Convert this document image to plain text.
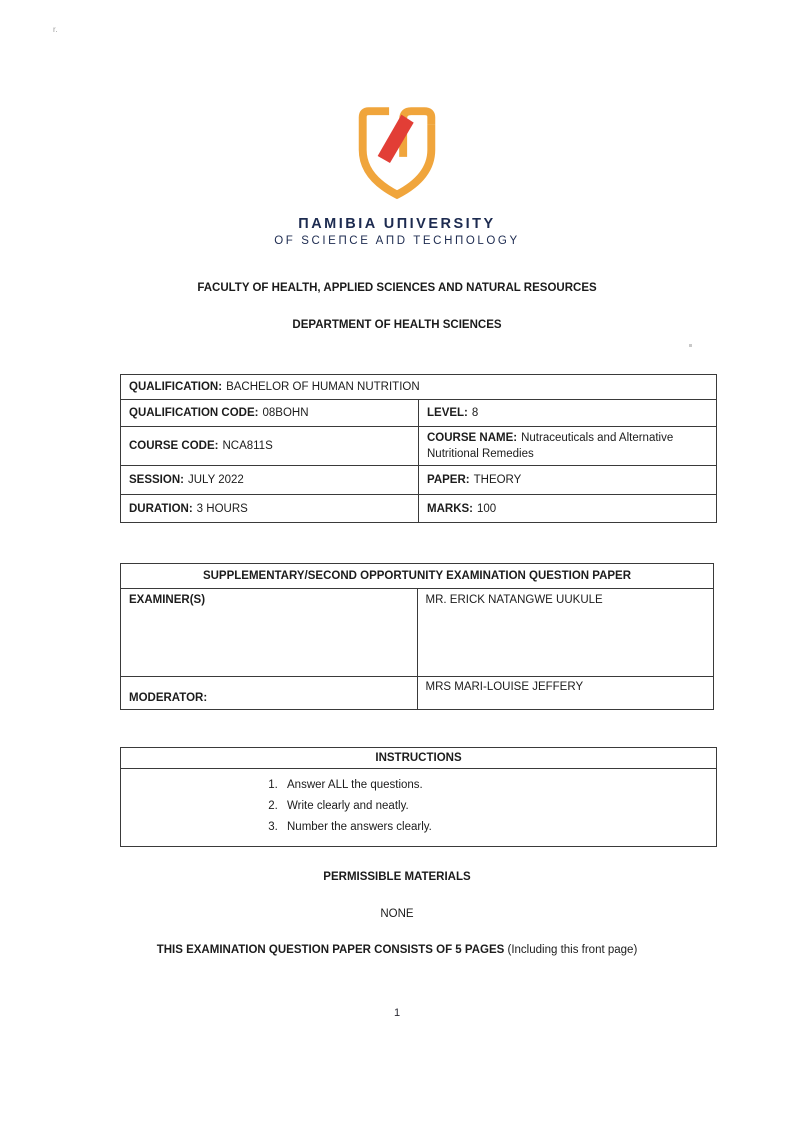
r.
ПAMIBIA UПIVERSITY
OF SCIEПCE AПD TECHПOLOGY
FACULTY OF HEALTH, APPLIED SCIENCES AND NATURAL RESOURCES
DEPARTMENT OF HEALTH SCIENCES
QUALIFICATION: BACHELOR OF HUMAN NUTRITION	
QUALIFICATION CODE: 08BOHN	LEVEL: 8
COURSE CODE: NCA811S	COURSE NAME: Nutraceuticals and Alternative Nutritional Remedies
SESSION: JULY 2022	PAPER: THEORY
DURATION: 3 HOURS	MARKS: 100
SUPPLEMENTARY/SECOND OPPORTUNITY EXAMINATION QUESTION PAPER	
EXAMINER(S)	MR. ERICK NATANGWE UUKULE
MODERATOR:	MRS MARI-LOUISE JEFFERY
INSTRUCTIONS

1. Answer ALL the questions.
2. Write clearly and neatly.
3. Number the answers clearly.
PERMISSIBLE MATERIALS
NONE
THIS EXAMINATION QUESTION PAPER CONSISTS OF 5 PAGES (Including this front page)
1
